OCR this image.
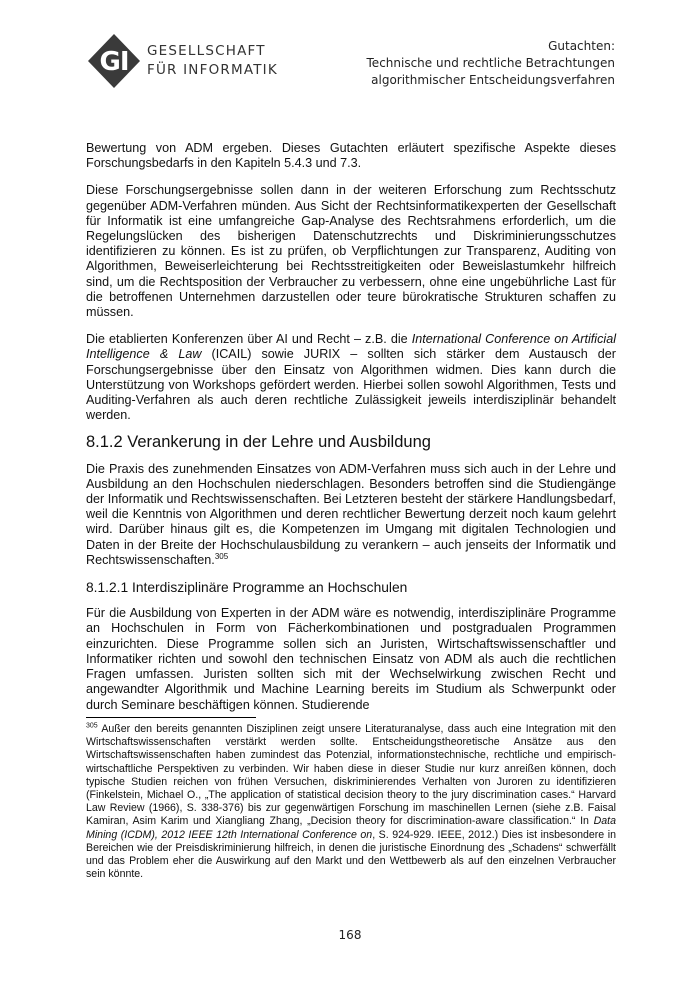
GI GESELLSCHAFT
FÜR INFORMATIK
Gutachten:
Technische und rechtliche Betrachtungen
algorithmischer Entscheidungsverfahren

Bewertung von ADM ergeben. Dieses Gutachten erläutert spezifische Aspekte dieses Forschungsbedarfs in den Kapiteln 5.4.3 und 7.3.

Diese Forschungsergebnisse sollen dann in der weiteren Erforschung zum Rechtsschutz gegenüber ADM-Verfahren münden. Aus Sicht der Rechtsinformatikexperten der Gesellschaft für Informatik ist eine umfangreiche Gap-Analyse des Rechtsrahmens erforderlich, um die Regelungslücken des bisherigen Datenschutzrechts und Diskriminierungsschutzes identifizieren zu können. Es ist zu prüfen, ob Verpflichtungen zur Transparenz, Auditing von Algorithmen, Beweiserleichterung bei Rechtsstreitigkeiten oder Beweislastumkehr hilfreich sind, um die Rechtsposition der Verbraucher zu verbessern, ohne eine ungebührliche Last für die betroffenen Unternehmen darzustellen oder teure bürokratische Strukturen schaffen zu müssen.

Die etablierten Konferenzen über AI und Recht – z.B. die International Conference on Artificial Intelligence & Law (ICAIL) sowie JURIX – sollten sich stärker dem Austausch der Forschungsergebnisse über den Einsatz von Algorithmen widmen. Dies kann durch die Unterstützung von Workshops gefördert werden. Hierbei sollen sowohl Algorithmen, Tests und Auditing-Verfahren als auch deren rechtliche Zulässigkeit jeweils interdisziplinär behandelt werden.

8.1.2 Verankerung in der Lehre und Ausbildung

Die Praxis des zunehmenden Einsatzes von ADM-Verfahren muss sich auch in der Lehre und Ausbildung an den Hochschulen niederschlagen. Besonders betroffen sind die Studiengänge der Informatik und Rechtswissenschaften. Bei Letzteren besteht der stärkere Handlungsbedarf, weil die Kenntnis von Algorithmen und deren rechtlicher Bewertung derzeit noch kaum gelehrt wird. Darüber hinaus gilt es, die Kompetenzen im Umgang mit digitalen Technologien und Daten in der Breite der Hochschulausbildung zu verankern – auch jenseits der Informatik und Rechtswissenschaften.$^{305}$

8.1.2.1 Interdisziplinäre Programme an Hochschulen

Für die Ausbildung von Experten in der ADM wäre es notwendig, interdisziplinäre Programme an Hochschulen in Form von Fächerkombinationen und postgradualen Programmen einzurichten. Diese Programme sollen sich an Juristen, Wirtschaftswissenschaftler und Informatiker richten und sowohl den technischen Einsatz von ADM als auch die rechtlichen Fragen umfassen. Juristen sollten sich mit der Wechselwirkung zwischen Recht und angewandter Algorithmik und Machine Learning bereits im Studium als Schwerpunkt oder durch Seminare beschäftigen können. Studierende

$^{305}$ Außer den bereits genannten Disziplinen zeigt unsere Literaturanalyse, dass auch eine Integration mit den Wirtschaftswissenschaften verstärkt werden sollte. Entscheidungstheoretische Ansätze aus den Wirtschaftswissenschaften haben zumindest das Potenzial, informationstechnische, rechtliche und empirisch-wirtschaftliche Perspektiven zu verbinden. Wir haben diese in dieser Studie nur kurz anreißen können, doch typische Studien reichen von frühen Versuchen, diskriminierendes Verhalten von Juroren zu identifizieren (Finkelstein, Michael O., „The application of statistical decision theory to the jury discrimination cases.“ Harvard Law Review (1966), S. 338-376) bis zur gegenwärtigen Forschung im maschinellen Lernen (siehe z.B. Faisal Kamiran, Asim Karim und Xiangliang Zhang, „Decision theory for discrimination-aware classification.“ In Data Mining (ICDM), 2012 IEEE 12th International Conference on, S. 924-929. IEEE, 2012.) Dies ist insbesondere in Bereichen wie der Preisdiskriminierung hilfreich, in denen die juristische Einordnung des „Schadens“ schwerfällt und das Problem eher die Auswirkung auf den Markt und den Wettbewerb als auf den einzelnen Verbraucher sein könnte.
168
